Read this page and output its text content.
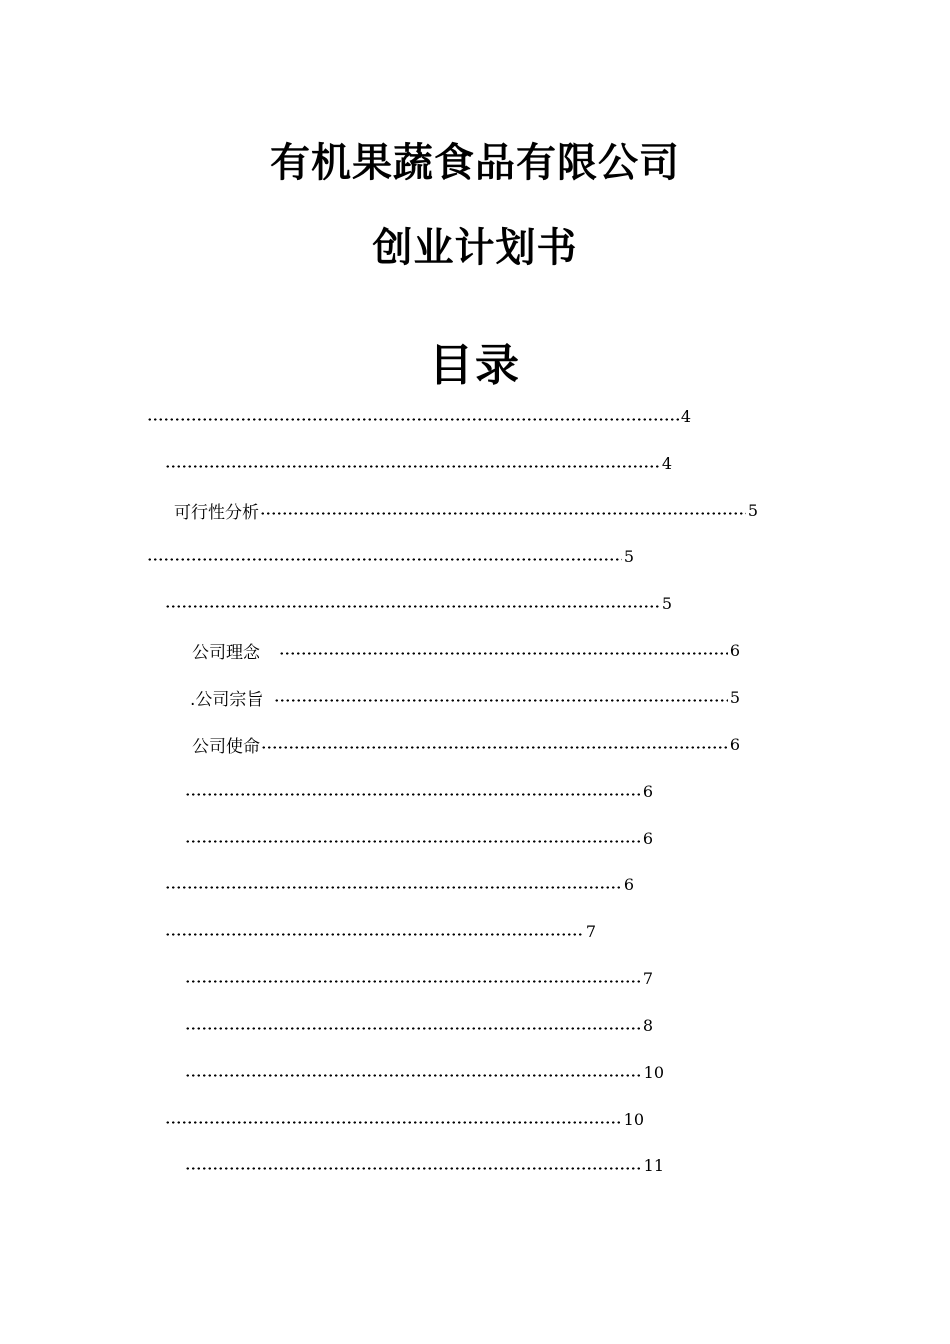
有机果蔬食品有限公司
创业计划书
目录
4
4
可行性分析	5
5
5
公司理念	6
.公司宗旨	5
公司使命	6
6
6
6
7
7
8
10
10
11
